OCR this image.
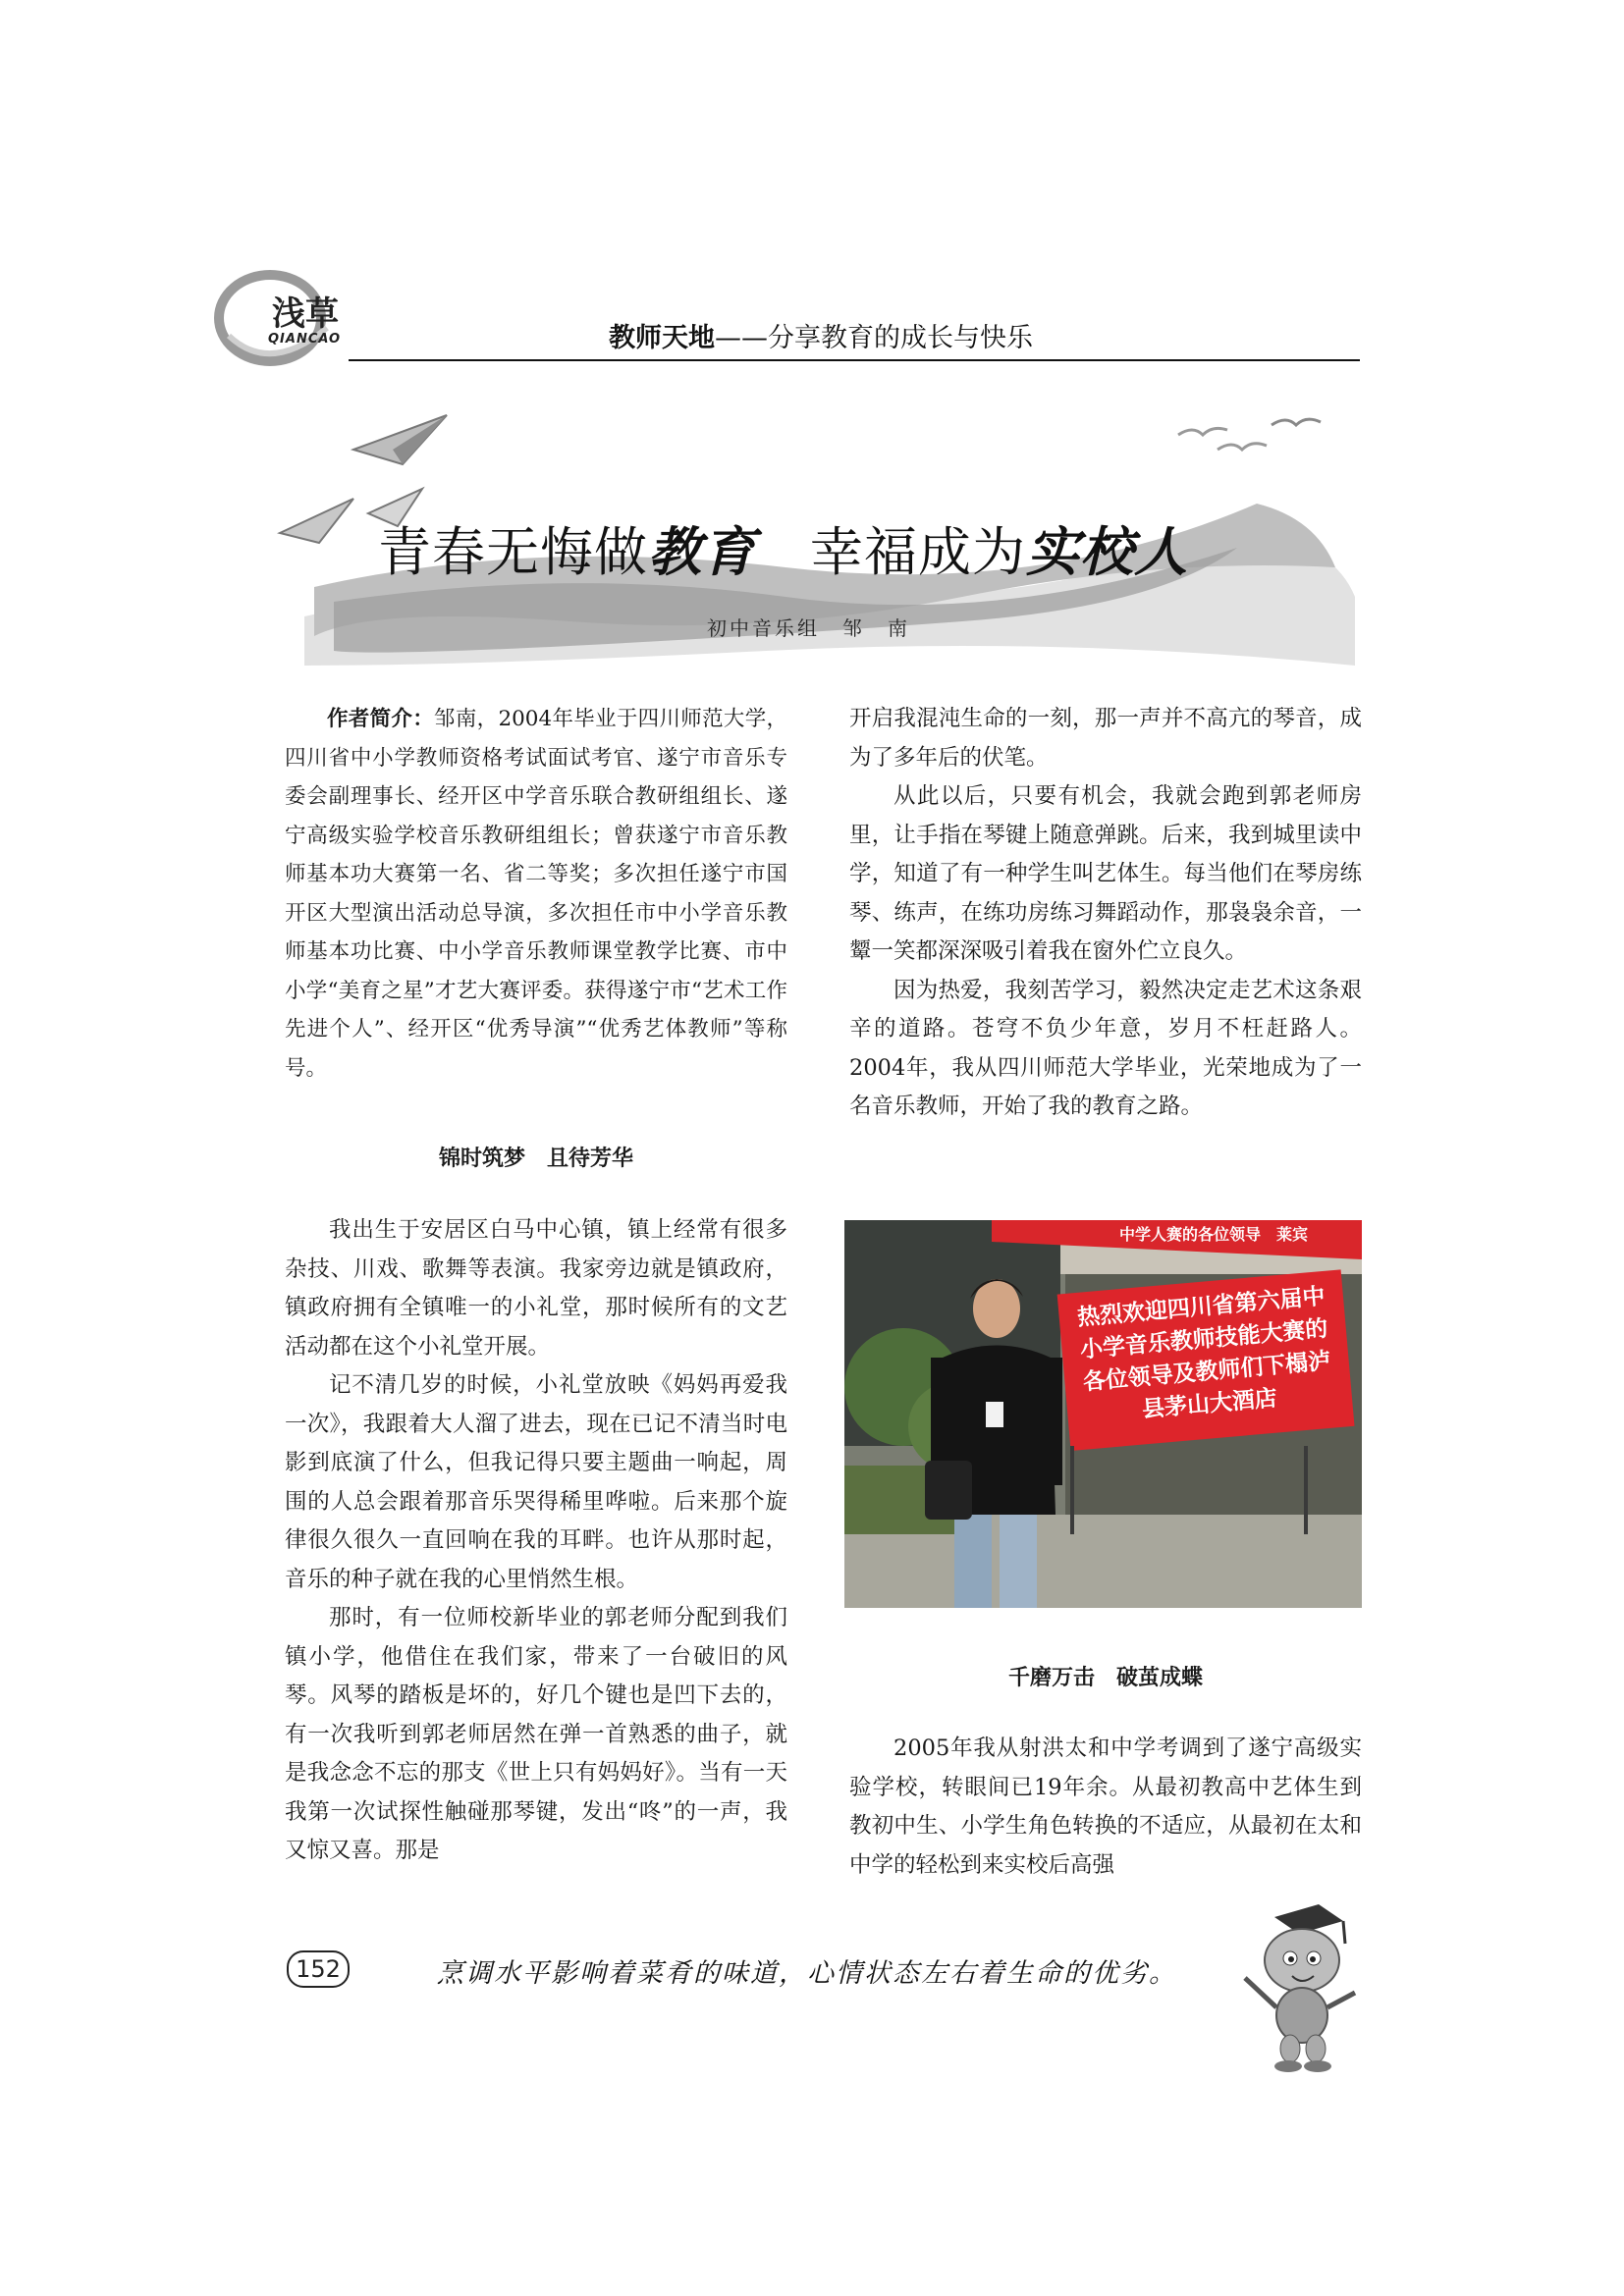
浅草
QIANCAO	教师天地——分享教育的成长与快乐
青春无悔做教育　 幸福成为实校人
初中音乐组　邹　南

作者简介：邹南，2004年毕业于四川师范大学，四川省中小学教师资格考试面试考官、遂宁市音乐专委会副理事长、经开区中学音乐联合教研组组长、遂宁高级实验学校音乐教研组组长；曾获遂宁市音乐教师基本功大赛第一名、省二等奖；多次担任遂宁市国开区大型演出活动总导演，多次担任市中小学音乐教师基本功比赛、中小学音乐教师课堂教学比赛、市中小学“美育之星”才艺大赛评委。获得遂宁市“艺术工作先进个人”、经开区“优秀导演”“优秀艺体教师”等称号。

锦时筑梦　且待芳华

我出生于安居区白马中心镇，镇上经常有很多杂技、川戏、歌舞等表演。我家旁边就是镇政府，镇政府拥有全镇唯一的小礼堂，那时候所有的文艺活动都在这个小礼堂开展。

记不清几岁的时候，小礼堂放映《妈妈再爱我一次》，我跟着大人溜了进去，现在已记不清当时电影到底演了什么，但我记得只要主题曲一响起，周围的人总会跟着那音乐哭得稀里哗啦。后来那个旋律很久很久一直回响在我的耳畔。也许从那时起，音乐的种子就在我的心里悄然生根。

那时，有一位师校新毕业的郭老师分配到我们镇小学，他借住在我们家，带来了一台破旧的风琴。风琴的踏板是坏的，好几个键也是凹下去的，有一次我听到郭老师居然在弹一首熟悉的曲子，就是我念念不忘的那支《世上只有妈妈好》。当有一天我第一次试探性触碰那琴键，发出“咚”的一声，我又惊又喜。那是

开启我混沌生命的一刻，那一声并不高亢的琴音，成为了多年后的伏笔。

从此以后，只要有机会，我就会跑到郭老师房里，让手指在琴键上随意弹跳。后来，我到城里读中学，知道了有一种学生叫艺体生。每当他们在琴房练琴、练声，在练功房练习舞蹈动作，那袅袅余音，一颦一笑都深深吸引着我在窗外伫立良久。

因为热爱，我刻苦学习，毅然决定走艺术这条艰辛的道路。苍穹不负少年意，岁月不枉赶路人。2004年，我从四川师范大学毕业，光荣地成为了一名音乐教师，开始了我的教育之路。

中学人赛的各位领导　莱宾
热烈欢迎四川省第六届中小学音乐教师技能大赛的各位领导及教师们下榻泸县茅山大酒店
千磨万击　破茧成蝶

2005年我从射洪太和中学考调到了遂宁高级实验学校，转眼间已19年余。从最初教高中艺体生到教初中生、小学生角色转换的不适应，从最初在太和中学的轻松到来实校后高强

152	烹调水平影响着菜肴的味道，心情状态左右着生命的优劣。
